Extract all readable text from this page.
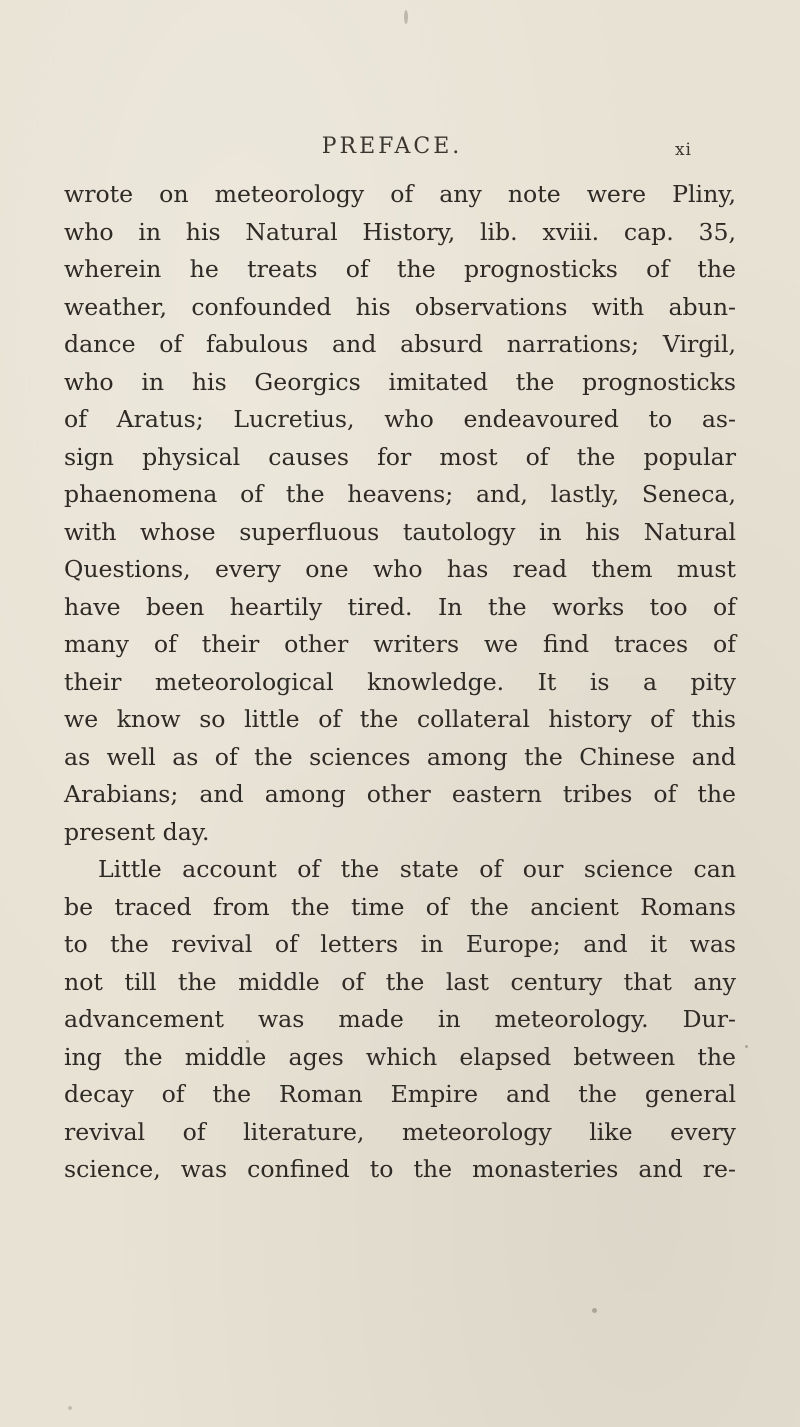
PREFACE.	xi
wrote on meteorology of any note were Pliny,
who in his Natural History, lib. xviii. cap. 35,
wherein he treats of the prognosticks of the
weather, confounded his observations with abun-
dance of fabulous and absurd narrations; Virgil,
who in his Georgics imitated the prognosticks
of Aratus; Lucretius, who endeavoured to as-
sign physical causes for most of the popular
phaenomena of the heavens; and, lastly, Seneca,
with whose superfluous tautology in his Natural
Questions, every one who has read them must
have been heartily tired. In the works too of
many of their other writers we find traces of
their meteorological knowledge. It is a pity
we know so little of the collateral history of this
as well as of the sciences among the Chinese and
Arabians; and among other eastern tribes of the
present day.
Little account of the state of our science can
be traced from the time of the ancient Romans
to the revival of letters in Europe; and it was
not till the middle of the last century that any
advancement was made in meteorology. Dur-
ing the middle ages which elapsed between the
decay of the Roman Empire and the general
revival of literature, meteorology like every
science, was confined to the monasteries and re-
